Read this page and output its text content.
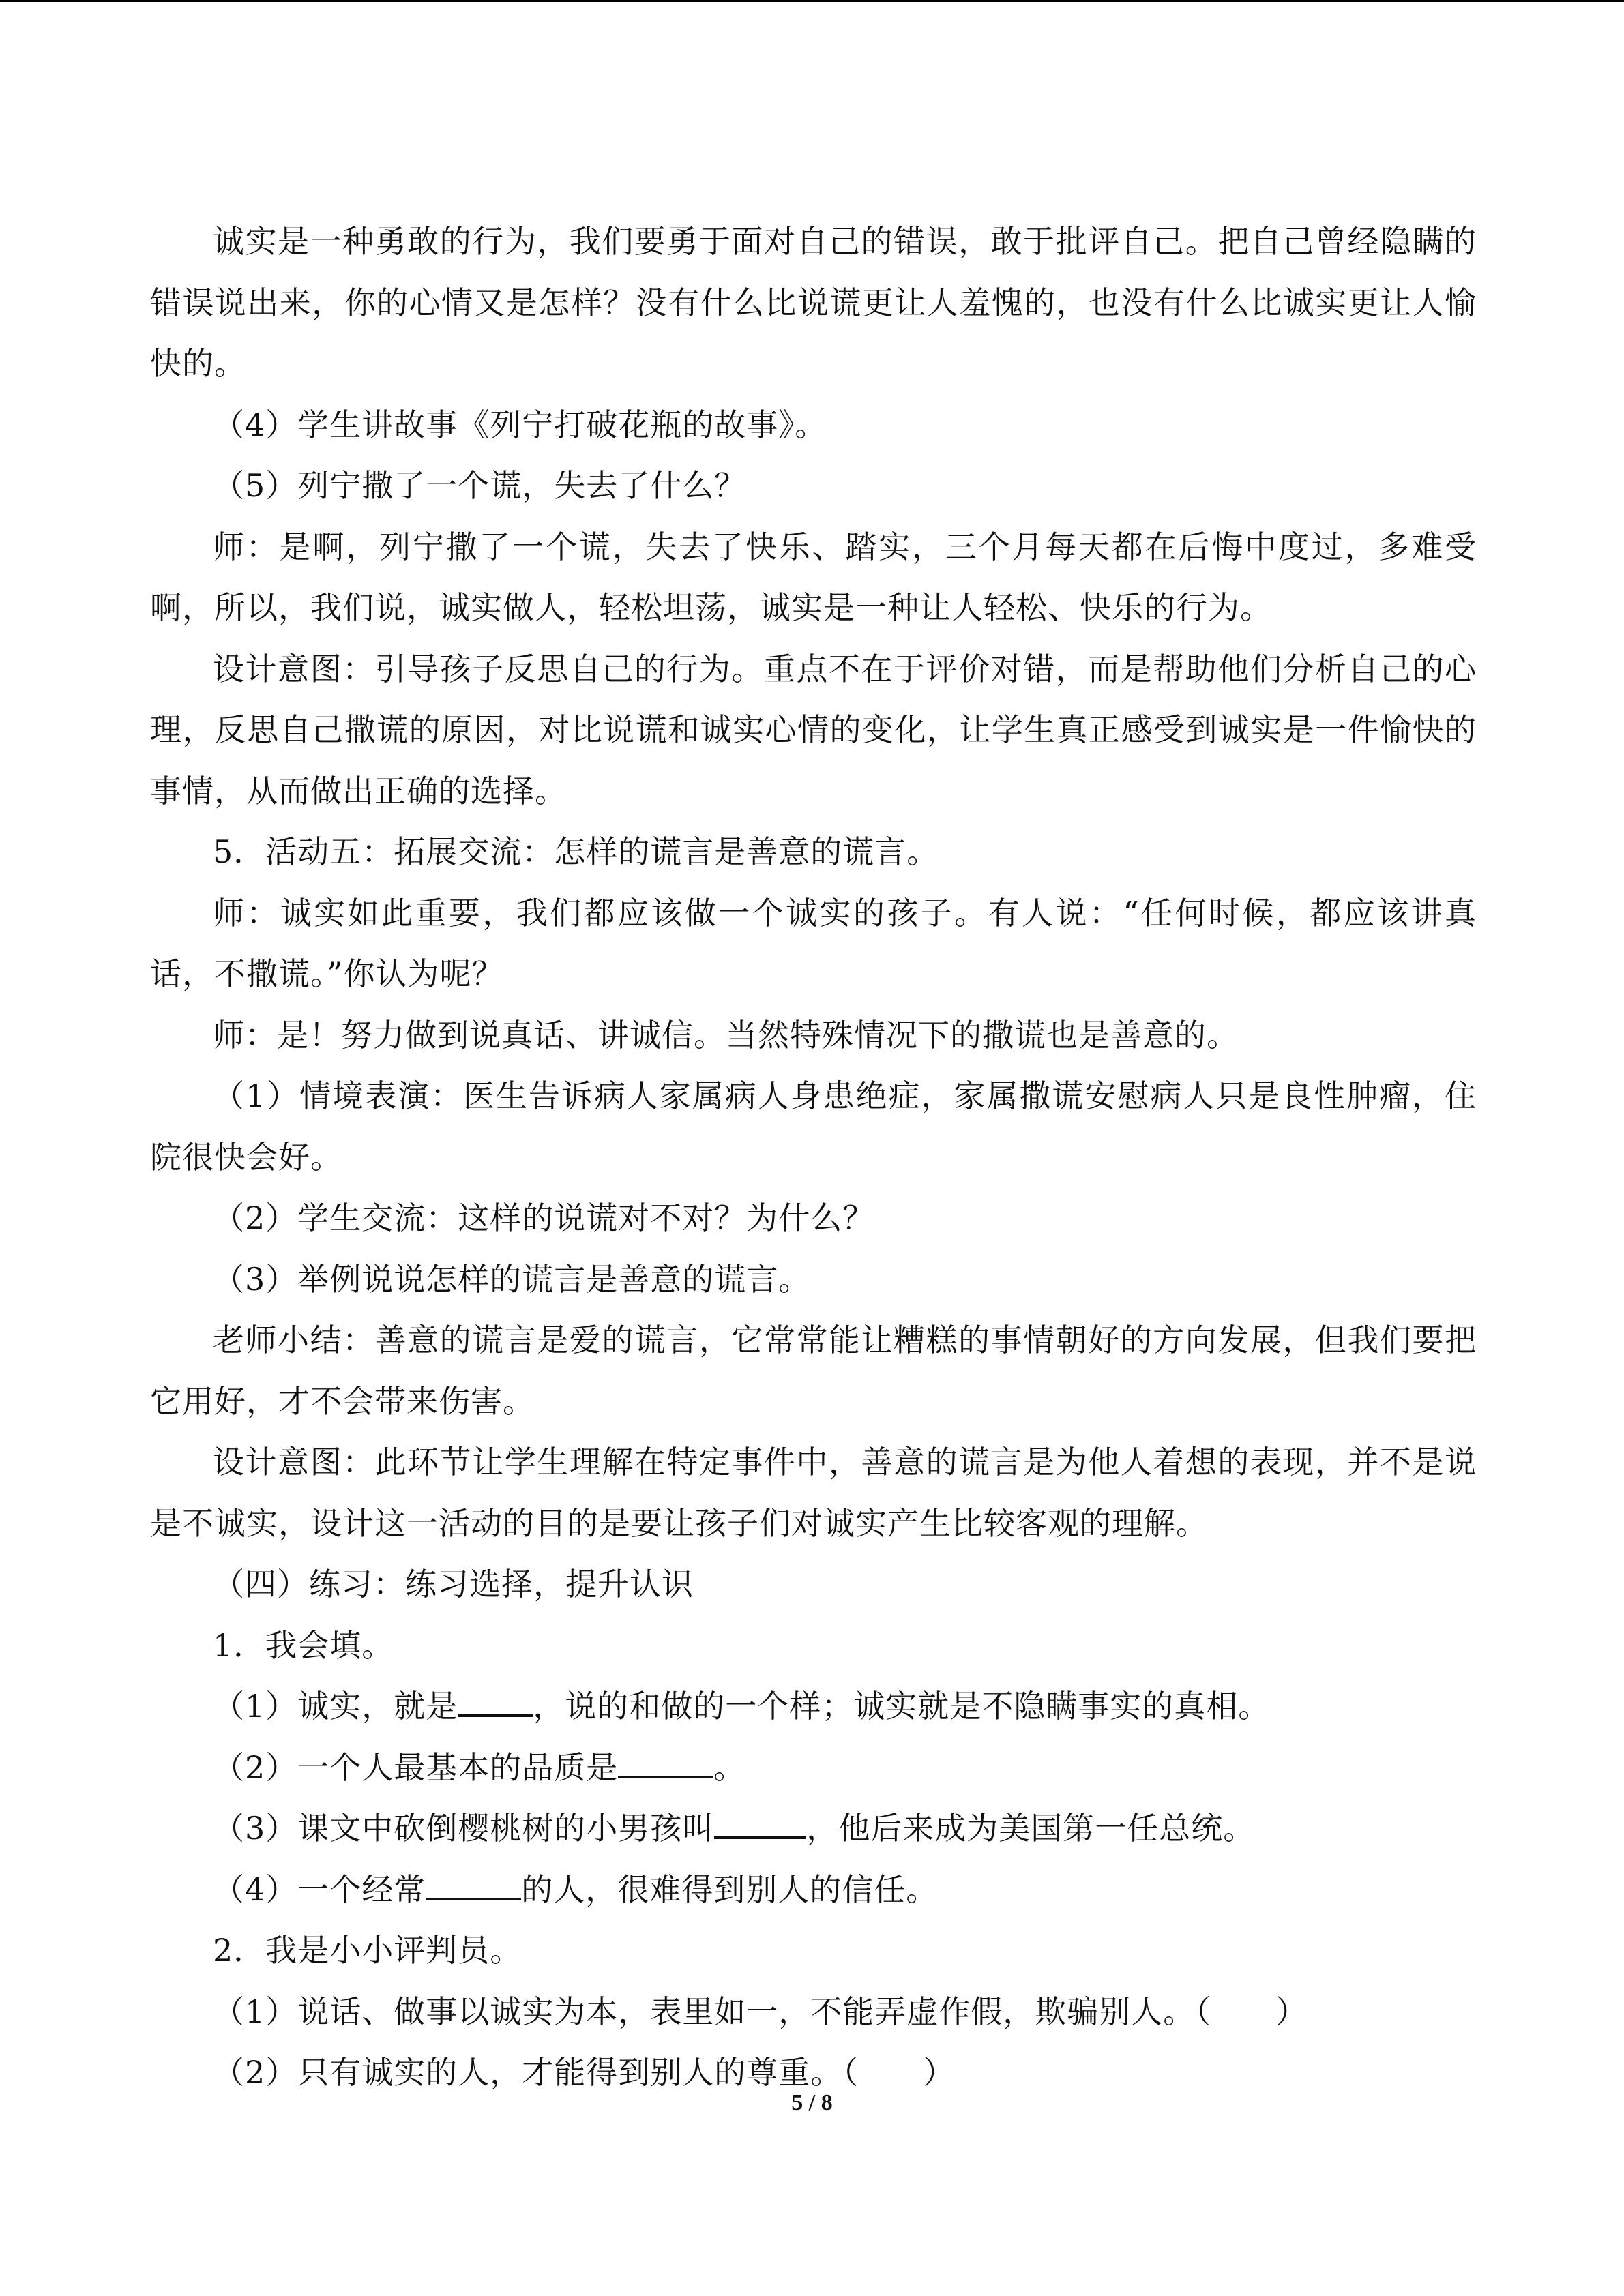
诚实是一种勇敢的行为，我们要勇于面对自己的错误，敢于批评自己。把自己曾经隐瞒的错误说出来，你的心情又是怎样？没有什么比说谎更让人羞愧的，也没有什么比诚实更让人愉快的。

（4）学生讲故事《列宁打破花瓶的故事》。

（5）列宁撒了一个谎，失去了什么？

师：是啊，列宁撒了一个谎，失去了快乐、踏实，三个月每天都在后悔中度过，多难受啊，所以，我们说，诚实做人，轻松坦荡，诚实是一种让人轻松、快乐的行为。

设计意图：引导孩子反思自己的行为。重点不在于评价对错，而是帮助他们分析自己的心理，反思自己撒谎的原因，对比说谎和诚实心情的变化，让学生真正感受到诚实是一件愉快的事情，从而做出正确的选择。

5．活动五：拓展交流：怎样的谎言是善意的谎言。

师：诚实如此重要，我们都应该做一个诚实的孩子。有人说：“任何时候，都应该讲真话，不撒谎。”你认为呢？

师：是！努力做到说真话、讲诚信。当然特殊情况下的撒谎也是善意的。

（1）情境表演：医生告诉病人家属病人身患绝症，家属撒谎安慰病人只是良性肿瘤，住院很快会好。

（2）学生交流：这样的说谎对不对？为什么？

（3）举例说说怎样的谎言是善意的谎言。

老师小结：善意的谎言是爱的谎言，它常常能让糟糕的事情朝好的方向发展，但我们要把它用好，才不会带来伤害。

设计意图：此环节让学生理解在特定事件中，善意的谎言是为他人着想的表现，并不是说是不诚实，设计这一活动的目的是要让孩子们对诚实产生比较客观的理解。

（四）练习：练习选择，提升认识

1．我会填。

（1）诚实，就是 ，说的和做的一个样；诚实就是不隐瞒事实的真相。

（2）一个人最基本的品质是	。

（3）课文中砍倒樱桃树的小男孩叫	，他后来成为美国第一任总统。

（4）一个经常	的人，很难得到别人的信任。

2．我是小小评判员。

（1）说话、做事以诚实为本，表里如一，不能弄虚作假，欺骗别人。（　　）

（2）只有诚实的人，才能得到别人的尊重。（　　）

5 / 8
